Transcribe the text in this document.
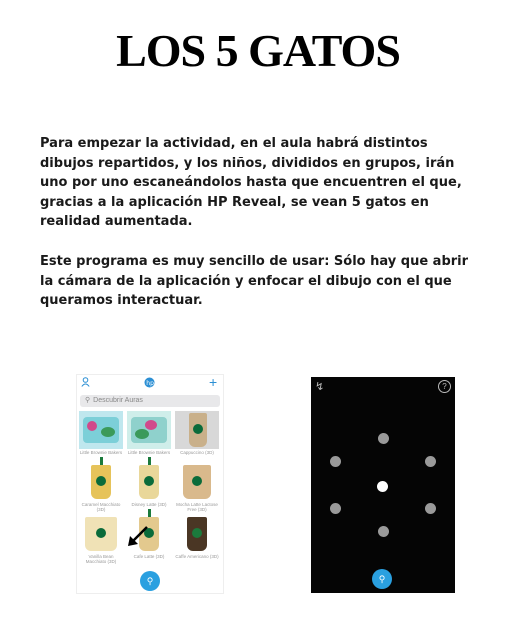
LOS 5 GATOS
Para empezar la actividad, en el aula habrá distintos dibujos repartidos, y los niños, divididos en grupos, irán uno por uno escaneándolos hasta que encuentren el que, gracias a la aplicación HP Reveal, se vean 5 gatos en realidad aumentada.
Este programa es muy sencillo de usar: Sólo hay que abrir la cámara de la aplicación y enfocar el dibujo con el que queramos interactuar.
hp	+
⚲ Descubrir Auras
Little Brownie Bakers Little Brownie Bakers	Cappuccino (3D)
Caramel Macchiato (3D)
Disney Latte (3D)	Mocha Latte Lactose Free (3D)
Vanilla Bean Macchiato (3D)
Cafe Latte (3D)	Caffe Americano (3D)
⚲
↯	?
⚲
